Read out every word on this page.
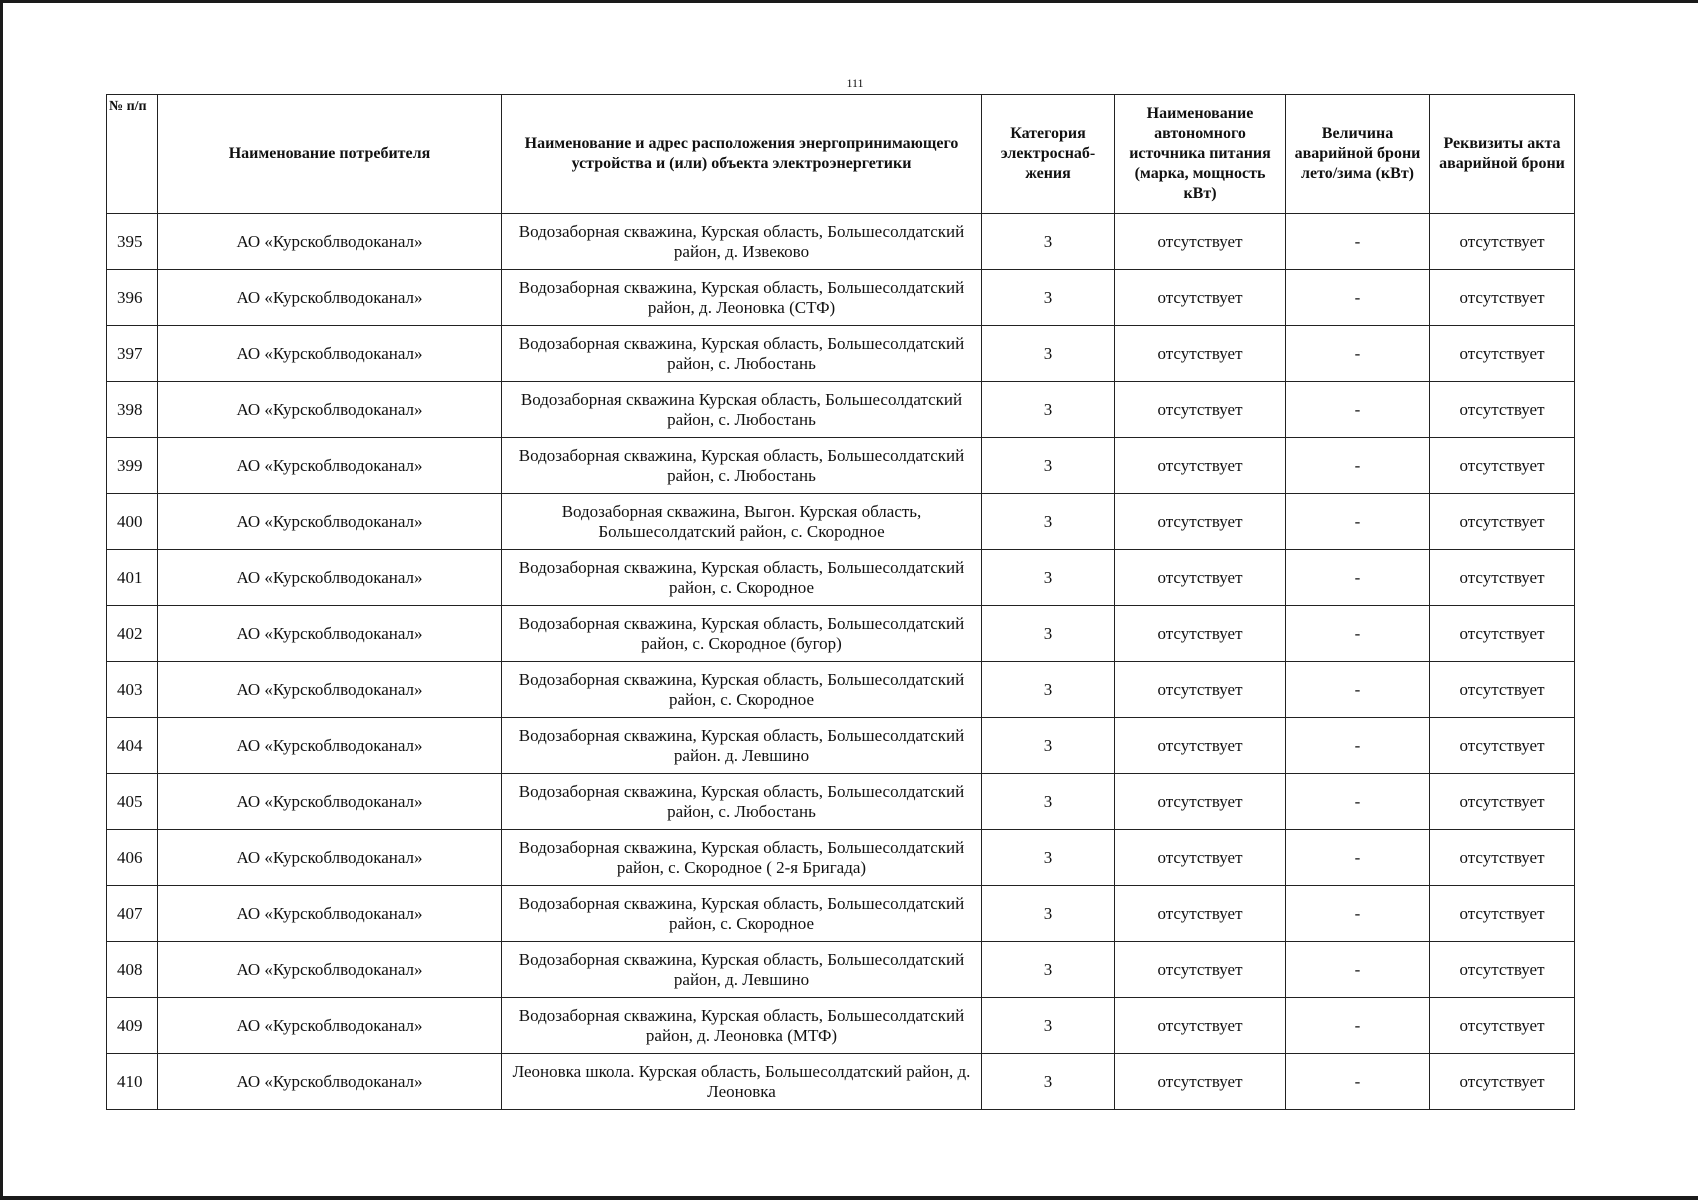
111
№ п/п	Наименование потребителя	Наименование и адрес расположения энергопринимающего устройства и (или) объекта электроэнергетики	Категория электроснаб-жения	Наименование автономного источника питания (марка, мощность кВт)	Величина аварийной брони лето/зима (кВт)	Реквизиты акта аварийной брони
395	АО «Курскоблводоканал»	Водозаборная скважина, Курская область, Большесолдатский район, д. Извеково	3	отсутствует	-	отсутствует
396	АО «Курскоблводоканал»	Водозаборная скважина, Курская область, Большесолдатский район, д. Леоновка (СТФ)	3	отсутствует	-	отсутствует
397	АО «Курскоблводоканал»	Водозаборная скважина, Курская область, Большесолдатский район, с. Любостань	3	отсутствует	-	отсутствует
398	АО «Курскоблводоканал»	Водозаборная скважина Курская область, Большесолдатский район, с. Любостань	3	отсутствует	-	отсутствует
399	АО «Курскоблводоканал»	Водозаборная скважина, Курская область, Большесолдатский район, с. Любостань	3	отсутствует	-	отсутствует
400	АО «Курскоблводоканал»	Водозаборная скважина, Выгон. Курская область, Большесолдатский район, с. Скородное	3	отсутствует	-	отсутствует
401	АО «Курскоблводоканал»	Водозаборная скважина, Курская область, Большесолдатский район, с. Скородное	3	отсутствует	-	отсутствует
402	АО «Курскоблводоканал»	Водозаборная скважина, Курская область, Большесолдатский район, с. Скородное (бугор)	3	отсутствует	-	отсутствует
403	АО «Курскоблводоканал»	Водозаборная скважина, Курская область, Большесолдатский район, с. Скородное	3	отсутствует	-	отсутствует
404	АО «Курскоблводоканал»	Водозаборная скважина, Курская область, Большесолдатский район. д. Левшино	3	отсутствует	-	отсутствует
405	АО «Курскоблводоканал»	Водозаборная скважина, Курская область, Большесолдатский район, с. Любостань	3	отсутствует	-	отсутствует
406	АО «Курскоблводоканал»	Водозаборная скважина, Курская область, Большесолдатский район, с. Скородное ( 2-я Бригада)	3	отсутствует	-	отсутствует
407	АО «Курскоблводоканал»	Водозаборная скважина, Курская область, Большесолдатский район, с. Скородное	3	отсутствует	-	отсутствует
408	АО «Курскоблводоканал»	Водозаборная скважина, Курская область, Большесолдатский район, д. Левшино	3	отсутствует	-	отсутствует
409	АО «Курскоблводоканал»	Водозаборная скважина, Курская область, Большесолдатский район, д. Леоновка (МТФ)	3	отсутствует	-	отсутствует
410	АО «Курскоблводоканал»	Леоновка школа. Курская область, Большесолдатский район, д. Леоновка	3	отсутствует	-	отсутствует
